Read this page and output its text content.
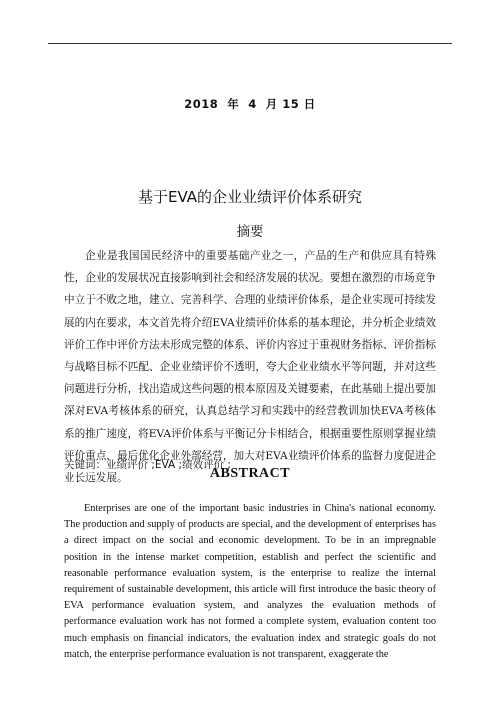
2018  年  4  月 15 日
基于EVA的企业业绩评价体系研究
摘要

企业是我国国民经济中的重要基础产业之一，产品的生产和供应具有特殊性，企业的发展状况直接影响到社会和经济发展的状况。要想在激烈的市场竞争中立于不败之地，建立、完善科学、合理的业绩评价体系，是企业实现可持续发展的内在要求，本文首先将介绍EVA业绩评价体系的基本理论，并分析企业绩效评价工作中评价方法未形成完整的体系、评价内容过于重视财务指标、评价指标与战略目标不匹配、企业业绩评价不透明，夸大企业业绩水平等问题，并对这些问题进行分析，找出造成这些问题的根本原因及关键要素，在此基础上提出要加深对EVA考核体系的研究，认真总结学习和实践中的经营教训加快EVA考核体系的推广速度，将EVA评价体系与平衡记分卡相结合，根据重要性原则掌握业绩评价重点，最后优化企业外部经营，加大对EVA业绩评价体系的监督力度促进企业长远发展。

关键词：业绩评价 ;EVA ;绩效评价 ;
ABSTRACT

Enterprises are one of the important basic industries in China's national economy. The production and supply of products are special, and the development of enterprises has a direct impact on the social and economic development. To be in an impregnable position in the intense market competition, establish and perfect the scientific and reasonable performance evaluation system, is the enterprise to realize the internal requirement of sustainable development, this article will first introduce the basic theory of EVA performance evaluation system, and analyzes the evaluation methods of performance evaluation work has not formed a complete system, evaluation content too much emphasis on financial indicators, the evaluation index and strategic goals do not match, the enterprise performance evaluation is not transparent, exaggerate the
